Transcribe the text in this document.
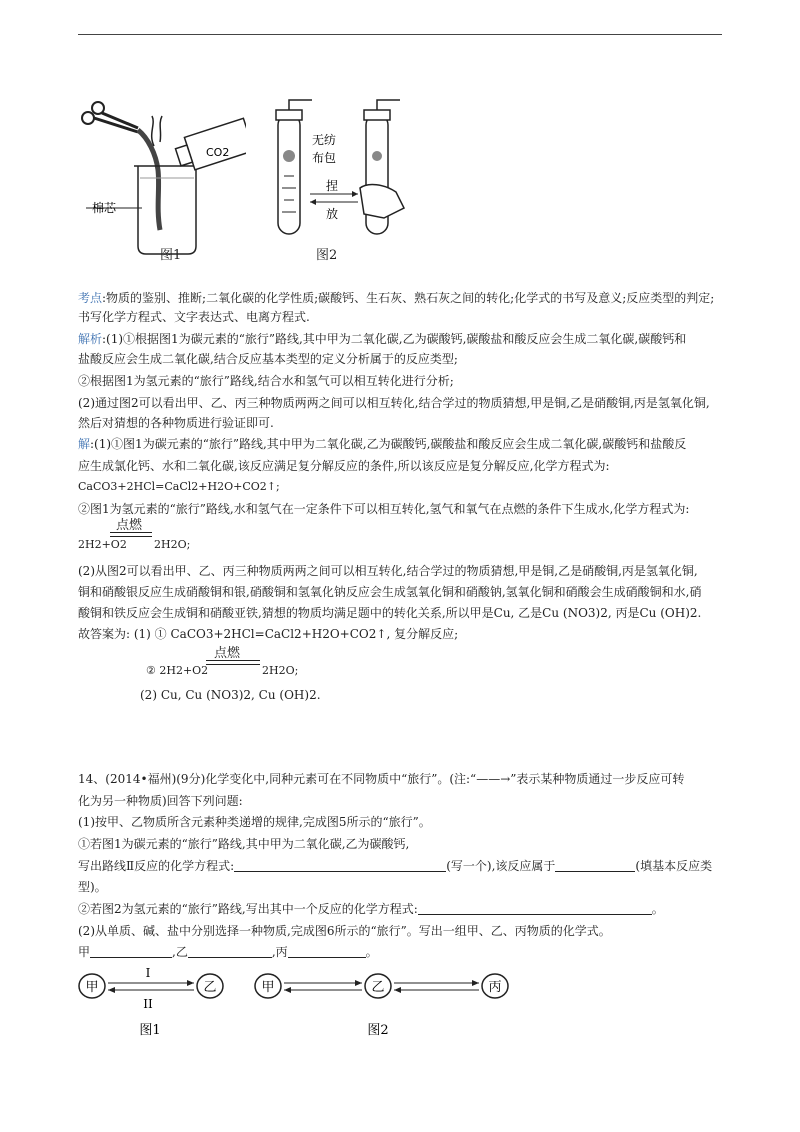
CO2
棉芯
图1
无纺
布包
捏
放
图2
考点:物质的鉴别、推断;二氧化碳的化学性质;碳酸钙、生石灰、熟石灰之间的转化;化学式的书写及意义;反应类型的判定;
书写化学方程式、文字表达式、电离方程式.
解析:(1)①根据图1为碳元素的“旅行”路线,其中甲为二氧化碳,乙为碳酸钙,碳酸盐和酸反应会生成二氧化碳,碳酸钙和
盐酸反应会生成二氧化碳,结合反应基本类型的定义分析属于的反应类型;
②根据图1为氢元素的“旅行”路线,结合水和氢气可以相互转化进行分析;
(2)通过图2可以看出甲、乙、丙三种物质两两之间可以相互转化,结合学过的物质猜想,甲是铜,乙是硝酸铜,丙是氢氧化铜,
然后对猜想的各种物质进行验证即可.
解:(1)①图1为碳元素的“旅行”路线,其中甲为二氧化碳,乙为碳酸钙,碳酸盐和酸反应会生成二氧化碳,碳酸钙和盐酸反
应生成氯化钙、水和二氧化碳,该反应满足复分解反应的条件,所以该反应是复分解反应,化学方程式为:
CaCO3+2HCl=CaCl2+H2O+CO2↑;
②图1为氢元素的“旅行”路线,水和氢气在一定条件下可以相互转化,氢气和氧气在点燃的条件下生成水,化学方程式为:
点燃
2H2+O2 2H2O;
(2)从图2可以看出甲、乙、丙三种物质两两之间可以相互转化,结合学过的物质猜想,甲是铜,乙是硝酸铜,丙是氢氧化铜,
铜和硝酸银反应生成硝酸铜和银,硝酸铜和氢氧化钠反应会生成氢氧化铜和硝酸钠,氢氧化铜和硝酸会生成硝酸铜和水,硝
酸铜和铁反应会生成铜和硝酸亚铁,猜想的物质均满足题中的转化关系,所以甲是Cu, 乙是Cu (NO3)2, 丙是Cu (OH)2.
故答案为: (1) ① CaCO3+2HCl=CaCl2+H2O+CO2↑, 复分解反应;
点燃
② 2H2+O2	2H2O;
(2) Cu, Cu (NO3)2, Cu (OH)2.
14、(2014•福州)(9分)化学变化中,同种元素可在不同物质中“旅行”。(注:“——→”表示某种物质通过一步反应可转
化为另一种物质)回答下列问题:
(1)按甲、乙物质所含元素种类递增的规律,完成图5所示的“旅行”。
①若图1为碳元素的“旅行”路线,其中甲为二氧化碳,乙为碳酸钙,
写出路线Ⅱ反应的化学方程式:	(写一个),该反应属于	(填基本反应类
型)。
②若图2为氢元素的“旅行”路线,写出其中一个反应的化学方程式:	。
(2)从单质、碱、盐中分别选择一种物质,完成图6所示的“旅行”。写出一组甲、乙、丙物质的化学式。
甲	,乙	,丙	。
甲	乙
I
II
图1
甲	乙	丙
图2
